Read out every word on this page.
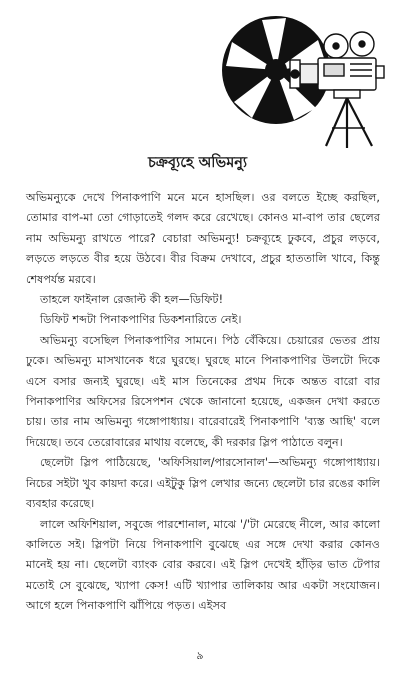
চক্রব্যূহে অভিমন্যু

অভিমন্যুকে দেখে পিনাকপাণি মনে মনে হাসছিল। ওর বলতে ইচ্ছে করছিল, তোমার বাপ-মা তো গোড়াতেই গলদ করে রেখেছে। কোনও মা-বাপ তার ছেলের নাম অভিমন্যু রাখতে পারে? বেচারা অভিমন্যু! চক্রব্যূহে ঢুকবে, প্রচুর লড়বে, লড়তে লড়তে বীর হয়ে উঠবে। বীর বিক্রম দেখাবে, প্রচুর হাততালি খাবে, কিন্তু শেষপর্যন্ত মরবে।

তাহলে ফাইনাল রেজাল্ট কী হল—ডিফিট!

ডিফিট শব্দটা পিনাকপাণির ডিকশনারিতে নেই।

অভিমন্যু বসেছিল পিনাকপাণির সামনে। পিঠ বেঁকিয়ে। চেয়ারের ভেতর প্রায় ঢুকে। অভিমন্যু মাসখানেক ধরে ঘুরছে। ঘুরছে মানে পিনাকপাণির উলটো দিকে এসে বসার জন্যই ঘুরছে। এই মাস তিনেকের প্রথম দিকে অন্তত বারো বার পিনাকপাণির অফিসের রিসেপশন থেকে জানানো হয়েছে, একজন দেখা করতে চায়। তার নাম অভিমন্যু গঙ্গোপাধ্যায়। বারেবারেই পিনাকপাণি 'ব্যস্ত আছি' বলে দিয়েছে। তবে তেরোবারের মাথায় বলেছে, কী দরকার স্লিপ পাঠাতে বলুন।

ছেলেটা স্লিপ পাঠিয়েছে, 'অফিসিয়াল/পারসোনাল'—অভিমন্যু গঙ্গোপাধ্যায়। নিচের সইটা খুব কায়দা করে। এইটুকু স্লিপ লেখার জন্যে ছেলেটা চার রঙের কালি ব্যবহার করেছে।

লালে অফিশিয়াল, সবুজে পারশোনাল, মাঝে '/'টা মেরেছে নীলে, আর কালো কালিতে সই। স্লিপটা নিয়ে পিনাকপাণি বুঝেছে এর সঙ্গে দেখা করার কোনও মানেই হয় না। ছেলেটা ব্যাংক বোর করবে। এই স্লিপ দেখেই হাঁড়ির ভাত টেপার মতোই সে বুঝেছে, খ্যাপা কেস! এটি খ্যাপার তালিকায় আর একটা সংযোজন। আগে হলে পিনাকপাণি ঝাঁপিয়ে পড়ত। এইসব

৯
